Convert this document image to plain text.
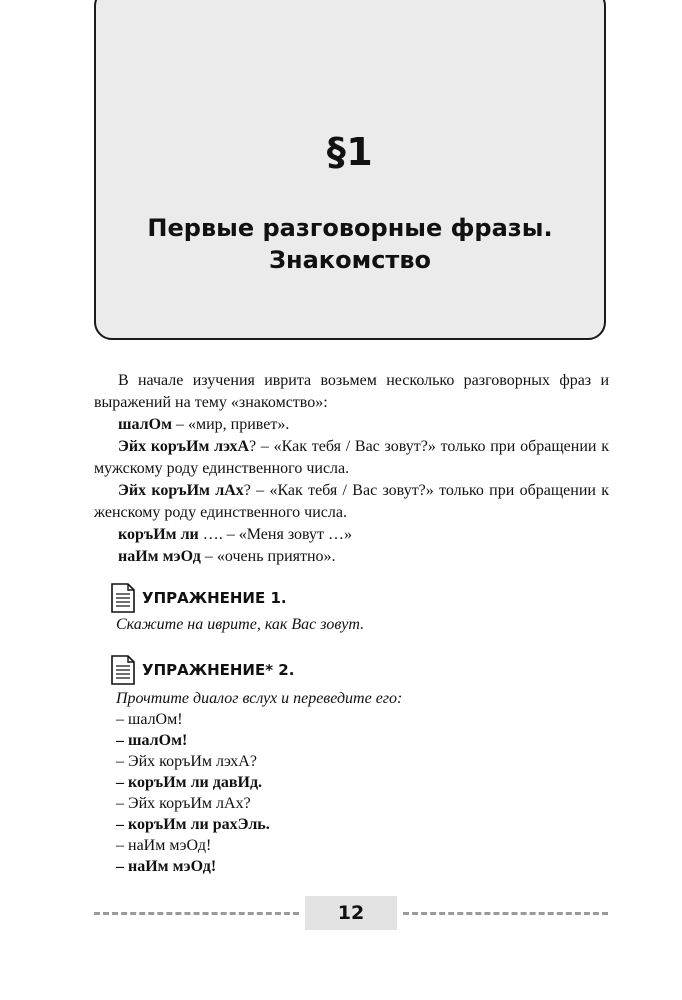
§1
Первые разговорные фразы.
Знакомство

В начале изучения иврита возьмем несколько разговорных фраз и выражений на тему «знакомство»:

шалОм – «мир, привет».

Эйх коръИм лэхА? – «Как тебя / Вас зовут?» только при обращении к мужскому роду единственного числа.

Эйх коръИм лАх? – «Как тебя / Вас зовут?» только при обращении к женскому роду единственного числа.

коръИм ли …. – «Меня зовут …»

наИм мэОд – «очень приятно».

УПРАЖНЕНИЕ 1.

Скажите на иврите, как Вас зовут.

УПРАЖНЕНИЕ* 2.

Прочтите диалог вслух и переведите его:

– шалОм!

– шалОм!

– Эйх коръИм лэхА?

– коръИм ли давИд.

– Эйх коръИм лАх?

– коръИм ли рахЭль.

– наИм мэОд!

– наИм мэОд!

12
